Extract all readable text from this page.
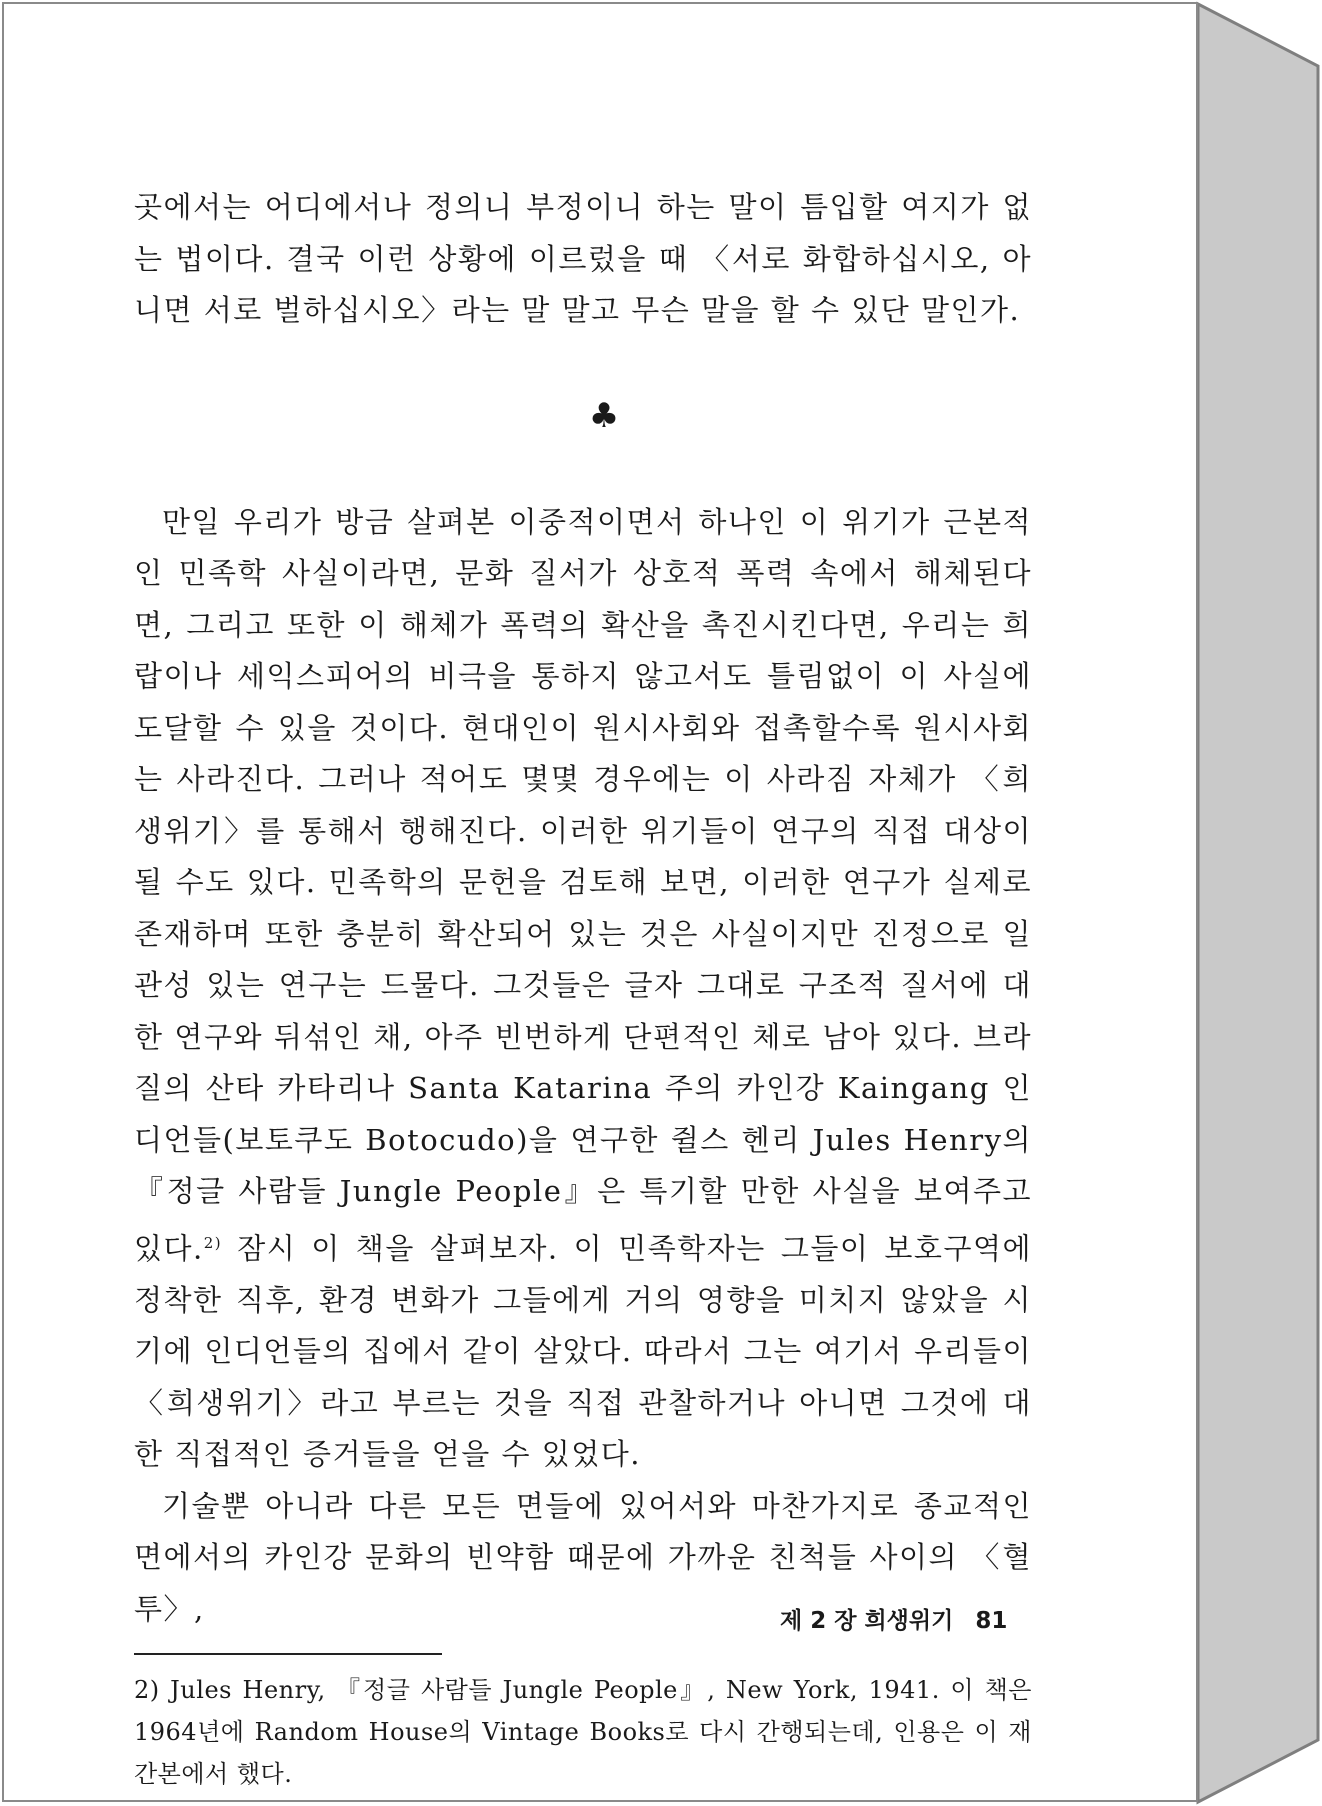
곳에서는 어디에서나 정의니 부정이니 하는 말이 틈입할 여지가 없는 법이다. 결국 이런 상황에 이르렀을 때 〈서로 화합하십시오, 아니면 서로 벌하십시오〉라는 말 말고 무슨 말을 할 수 있단 말인가.

♣

만일 우리가 방금 살펴본 이중적이면서 하나인 이 위기가 근본적인 민족학 사실이라면, 문화 질서가 상호적 폭력 속에서 해체된다면, 그리고 또한 이 해체가 폭력의 확산을 촉진시킨다면, 우리는 희랍이나 세익스피어의 비극을 통하지 않고서도 틀림없이 이 사실에 도달할 수 있을 것이다. 현대인이 원시사회와 접촉할수록 원시사회는 사라진다. 그러나 적어도 몇몇 경우에는 이 사라짐 자체가 〈희생위기〉를 통해서 행해진다. 이러한 위기들이 연구의 직접 대상이 될 수도 있다. 민족학의 문헌을 검토해 보면, 이러한 연구가 실제로 존재하며 또한 충분히 확산되어 있는 것은 사실이지만 진정으로 일관성 있는 연구는 드물다. 그것들은 글자 그대로 구조적 질서에 대한 연구와 뒤섞인 채, 아주 빈번하게 단편적인 체로 남아 있다. 브라질의 산타 카타리나 Santa Katarina 주의 카인강 Kaingang 인디언들(보토쿠도 Botocudo)을 연구한 쥘스 헨리 Jules Henry의 『정글 사람들 Jungle People』은 특기할 만한 사실을 보여주고 있다.$^{2)}$ 잠시 이 책을 살펴보자. 이 민족학자는 그들이 보호구역에 정착한 직후, 환경 변화가 그들에게 거의 영향을 미치지 않았을 시기에 인디언들의 집에서 같이 살았다. 따라서 그는 여기서 우리들이 〈희생위기〉라고 부르는 것을 직접 관찰하거나 아니면 그것에 대한 직접적인 증거들을 얻을 수 있었다.

기술뿐 아니라 다른 모든 면들에 있어서와 마찬가지로 종교적인 면에서의 카인강 문화의 빈약함 때문에 가까운 친척들 사이의 〈혈투〉,

2) Jules Henry, 『정글 사람들 Jungle People』, New York, 1941. 이 책은 1964년에 Random House의 Vintage Books로 다시 간행되는데, 인용은 이 재간본에서 했다.

제 2 장 희생위기 81
